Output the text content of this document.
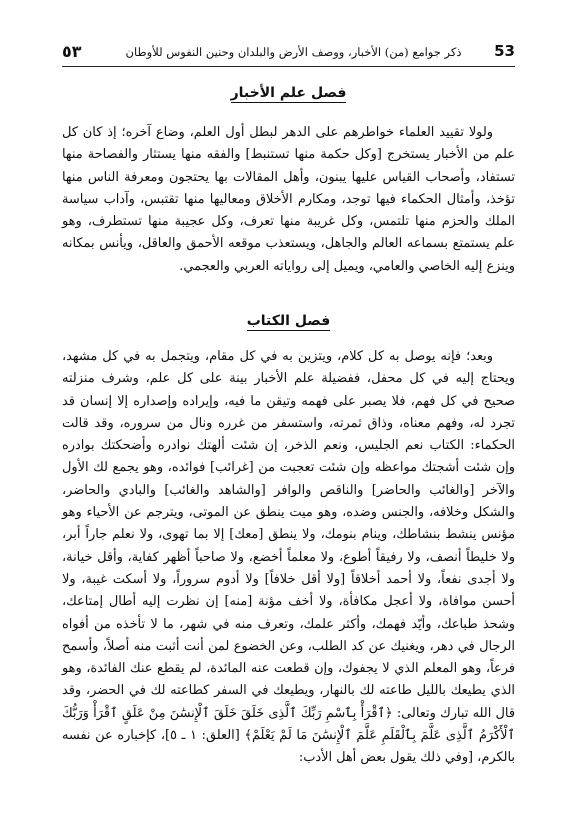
٥٣	ذكر جوامع (من) الأخبار، ووصف الأرض والبلدان وحنين النفوس للأوطان 53
فصل علم الأخبار

ولولا تقييد العلماء خواطرهم على الدهر لبطل أول العلم، وضاع آخره؛ إذ كان كل علم من الأخبار يستخرج [وكل حكمة منها تستنبط] والفقه منها يستثار والفصاحة منها تستفاد، وأصحاب القياس عليها يبنون، وأهل المقالات بها يحتجون ومعرفة الناس منها تؤخذ، وأمثال الحكماء فيها توجد، ومكارم الأخلاق ومعاليها منها تقتبس، وآداب سياسة الملك والحزم منها تلتمس، وكل غريبة منها تعرف، وكل عجيبة منها تستطرف، وهو علم يستمتع بسماعه العالم والجاهل، ويستعذب موقعه الأحمق والعاقل، ويأنس بمكانه وينزع إليه الخاصي والعامي، ويميل إلى رواياته العربي والعجمي.

فصل الكتاب

وبعد؛ فإنه يوصل به كل كلام، ويتزين به في كل مقام، ويتجمل به في كل مشهد، ويحتاج إليه في كل محفل، ففضيلة علم الأخبار بينة على كل علم، وشرف منزلته صحيح في كل فهم، فلا يصبر على فهمه وتيقن ما فيه، وإيراده وإصداره إلا إنسان قد تجرد له، وفهم معناه، وذاق ثمرته، واستسفر من غرره ونال من سروره، وقد قالت الحكماء: الكتاب نعم الجليس، ونعم الذخر، إن شئت ألهتك نوادره وأضحكتك بوادره وإن شئت أشجتك مواعظه وإن شئت تعجبت من [غرائب] فوائده، وهو يجمع لك الأول والآخر [والغائب والحاضر] والناقص والوافر [والشاهد والغائب] والبادي والحاضر، والشكل وخلافه، والجنس وضده، وهو ميت ينطق عن الموتى، ويترجم عن الأحياء وهو مؤنس ينشط بنشاطك، وينام بنومك، ولا ينطق [معك] إلا بما تهوى، ولا نعلم جاراً أبر، ولا خليطاً أنصف، ولا رفيقاً أطوع، ولا معلماً أخضع، ولا صاحباً أظهر كفاية، وأقل خيانة، ولا أجدى نفعاً، ولا أحمد أخلاقاً [ولا أقل خلافاً] ولا أدوم سروراً، ولا أسكت غيبة، ولا أحسن موافاة، ولا أعجل مكافأة، ولا أخف مؤنة [منه] إن نظرت إليه أطال إمتاعك، وشحذ طباعك، وأيّد فهمك، وأكثر علمك، وتعرف منه في شهر، ما لا تأخذه من أفواه الرجال في دهر، ويغنيك عن كد الطلب، وعن الخضوع لمن أنت أثبت منه أصلاً، وأسمح فرعاً، وهو المعلم الذي لا يجفوك، وإن قطعت عنه المائدة، لم يقطع عنك الفائدة، وهو الذي يطيعك بالليل طاعته لك بالنهار، ويطيعك في السفر كطاعته لك في الحضر، وقد قال الله تبارك وتعالى: ﴿ٱقْرَأْ بِٱسْمِ رَبِّكَ ٱلَّذِى خَلَقَ خَلَقَ ٱلْإِنسَٰنَ مِنْ عَلَقٍ ٱقْرَأْ وَرَبُّكَ ٱلْأَكْرَمُ ٱلَّذِى عَلَّمَ بِٱلْقَلَمِ عَلَّمَ ٱلْإِنسَٰنَ مَا لَمْ يَعْلَمْ﴾ [العلق: ١ ـ ٥]، كإخباره عن نفسه بالكرم، [وفي ذلك يقول بعض أهل الأدب:
